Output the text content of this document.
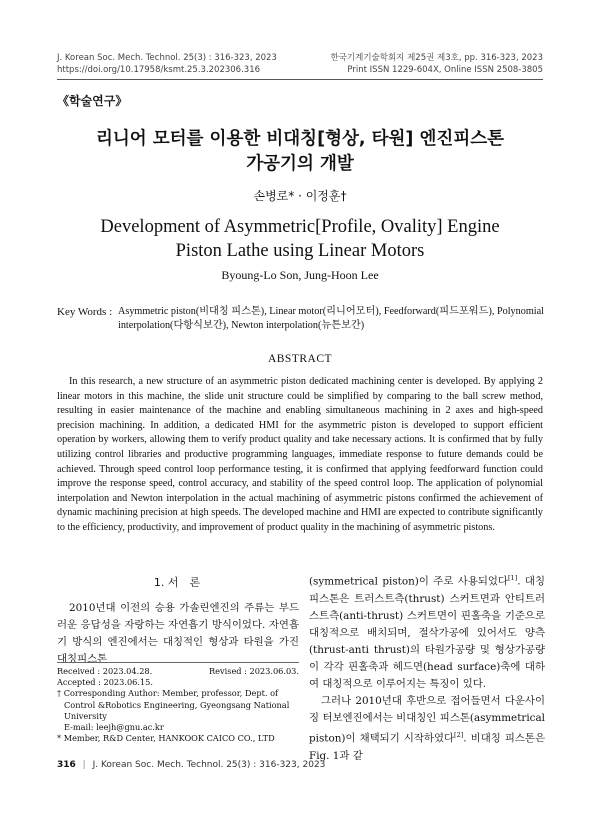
J. Korean Soc. Mech. Technol. 25(3) : 316-323, 2023
https://doi.org/10.17958/ksmt.25.3.202306.316
한국기계기술학회지 제25권 제3호, pp. 316-323, 2023
Print ISSN 1229-604X, Online ISSN 2508-3805
《학술연구》
리니어 모터를 이용한 비대칭[형상, 타원] 엔진피스톤
가공기의 개발
손병로* · 이정훈†
Development of Asymmetric[Profile, Ovality] Engine
Piston Lathe using Linear Motors
Byoung-Lo Son, Jung-Hoon Lee
Key Words : Asymmetric piston(비대칭 피스톤), Linear motor(리니어모터), Feedforward(피드포워드), Polynomial
interpolation(다항식보간), Newton interpolation(뉴튼보간)
ABSTRACT
In this research, a new structure of an asymmetric piston dedicated machining center is developed. By applying 2 linear motors in this machine, the slide unit structure could be simplified by comparing to the ball screw method, resulting in easier maintenance of the machine and enabling simultaneous machining in 2 axes and high-speed precision machining. In addition, a dedicated HMI for the asymmetric piston is developed to support efficient operation by workers, allowing them to verify product quality and take necessary actions. It is confirmed that by fully utilizing control libraries and productive programming languages, immediate response to future demands could be achieved. Through speed control loop performance testing, it is confirmed that applying feedforward function could improve the response speed, control accuracy, and stability of the speed control loop. The application of polynomial interpolation and Newton interpolation in the actual machining of asymmetric pistons confirmed the achievement of dynamic machining precision at high speeds. The developed machine and HMI are expected to contribute significantly to the efficiency, productivity, and improvement of product quality in the machining of asymmetric pistons.
1. 서　론
2010년대 이전의 승용 가솔린엔진의 주류는 부드러운 응답성을 자랑하는 자연흡기 방식이었다. 자연흡기 방식의 엔진에서는 대칭적인 형상과 타원을 가진 대칭피스톤
Received : 2023.04.28.	Revised : 2023.06.03.
Accepted : 2023.06.15.
† Corresponding Author: Member, professor, Dept. of Control &Robotics Engineering, Gyeongsang National University
E-mail: leejh@gnu.ac.kr
* Member, R&D Center, HANKOOK CAICO CO., LTD

(symmetrical piston)이 주로 사용되었다[1]. 대칭피스톤은 트러스트측(thrust) 스커트면과 안티트러스트측(anti-thrust) 스커트면이 핀홀축을 기준으로 대칭적으로 배치되며, 절삭가공에 있어서도 양측(thrust-anti thrust)의 타원가공량 및 형상가공량이 각각 핀홀축과 헤드면(head surface)축에 대하여 대칭적으로 이루어지는 특징이 있다.

그러나 2010년대 후반으로 접어들면서 다운사이징 터보엔진에서는 비대칭인 피스톤(asymmetrical piston)이 채택되기 시작하였다[2]. 비대칭 피스톤은 Fig. 1과 같

316 | J. Korean Soc. Mech. Technol. 25(3) : 316-323, 2023
